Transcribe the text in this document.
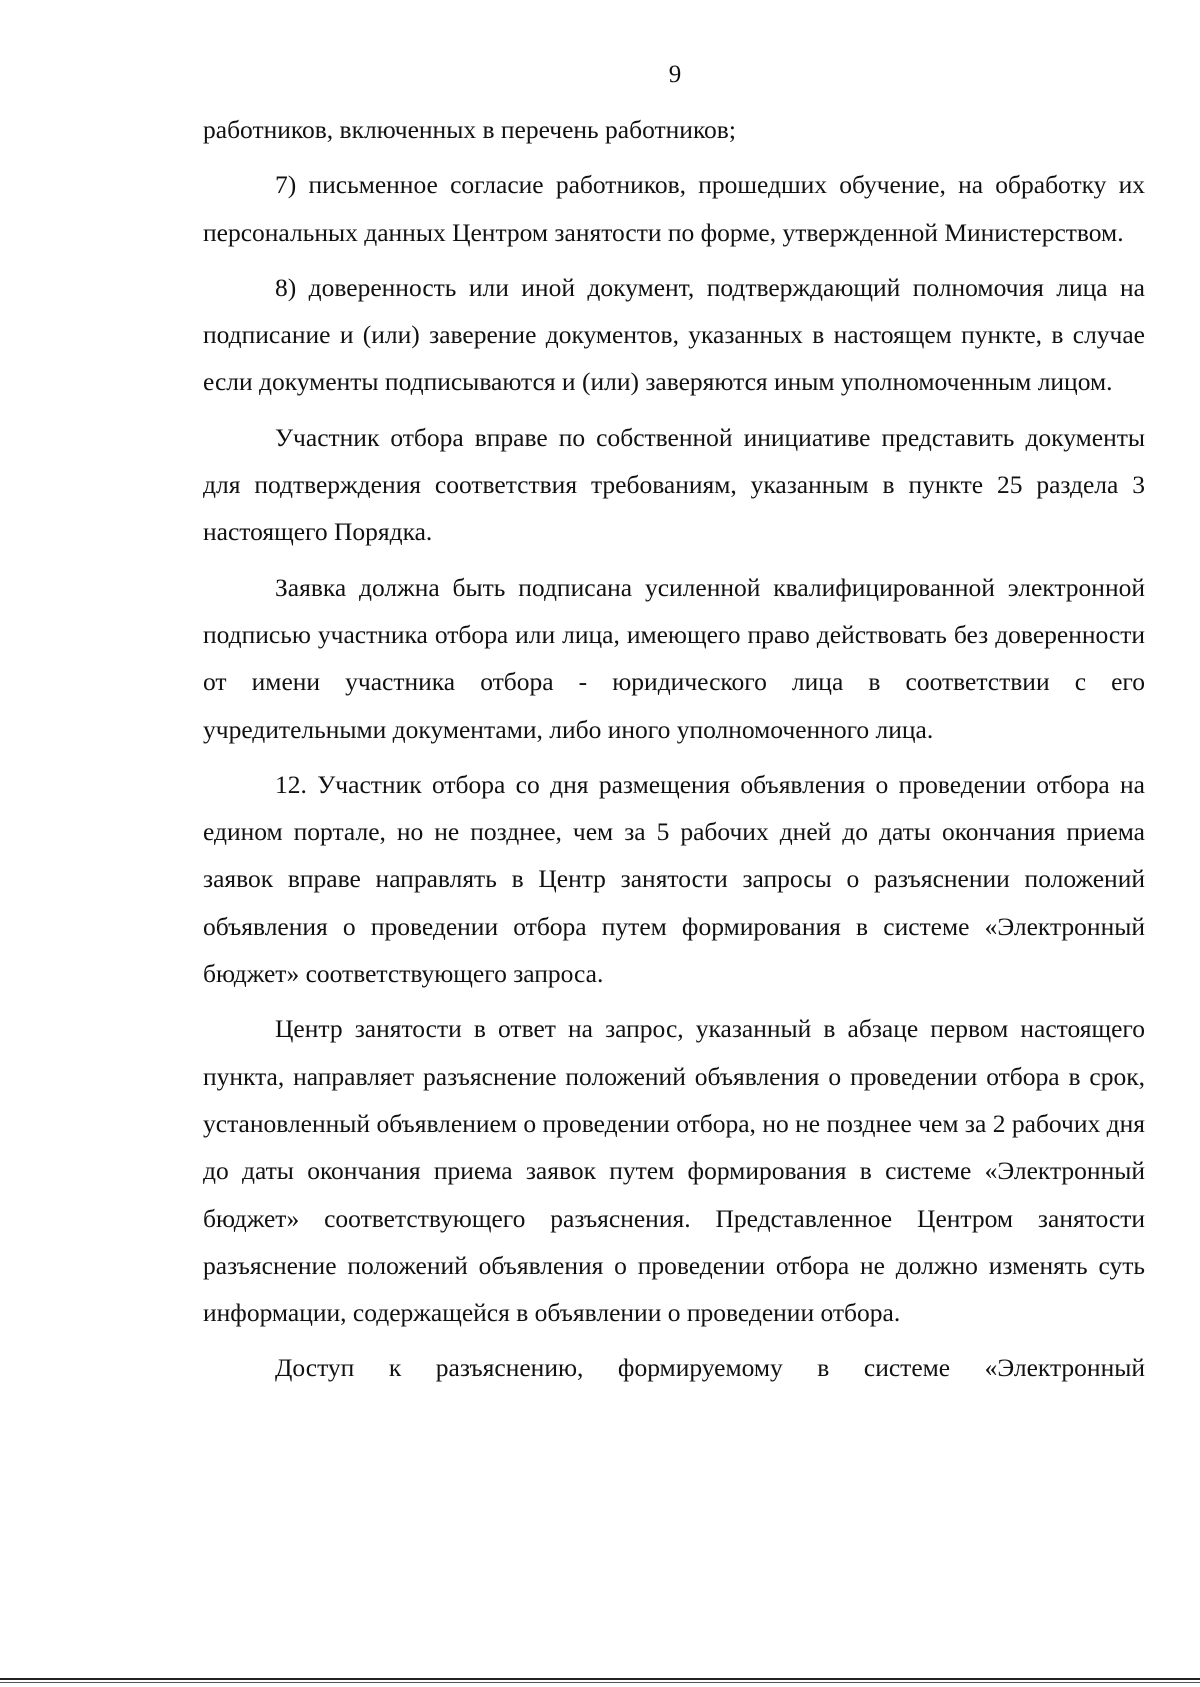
9

работников, включенных в перечень работников;

7) письменное согласие работников, прошедших обучение, на обработку их персональных данных Центром занятости по форме, утвержденной Министерством.

8) доверенность или иной документ, подтверждающий полномочия лица на подписание и (или) заверение документов, указанных в настоящем пункте, в случае если документы подписываются и (или) заверяются иным уполномоченным лицом.

Участник отбора вправе по собственной инициативе представить документы для подтверждения соответствия требованиям, указанным в пункте 25 раздела 3 настоящего Порядка.

Заявка должна быть подписана усиленной квалифицированной электронной подписью участника отбора или лица, имеющего право действовать без доверенности от имени участника отбора - юридического лица в соответствии с его учредительными документами, либо иного уполномоченного лица.

12. Участник отбора со дня размещения объявления о проведении отбора на едином портале, но не позднее, чем за 5 рабочих дней до даты окончания приема заявок вправе направлять в Центр занятости запросы о разъяснении положений объявления о проведении отбора путем формирования в системе «Электронный бюджет» соответствующего запроса.

Центр занятости в ответ на запрос, указанный в абзаце первом настоящего пункта, направляет разъяснение положений объявления о проведении отбора в срок, установленный объявлением о проведении отбора, но не позднее чем за 2 рабочих дня до даты окончания приема заявок путем формирования в системе «Электронный бюджет» соответствующего разъяснения. Представленное Центром занятости разъяснение положений объявления о проведении отбора не должно изменять суть информации, содержащейся в объявлении о проведении отбора.

Доступ к разъяснению, формируемому в системе «Электронный
